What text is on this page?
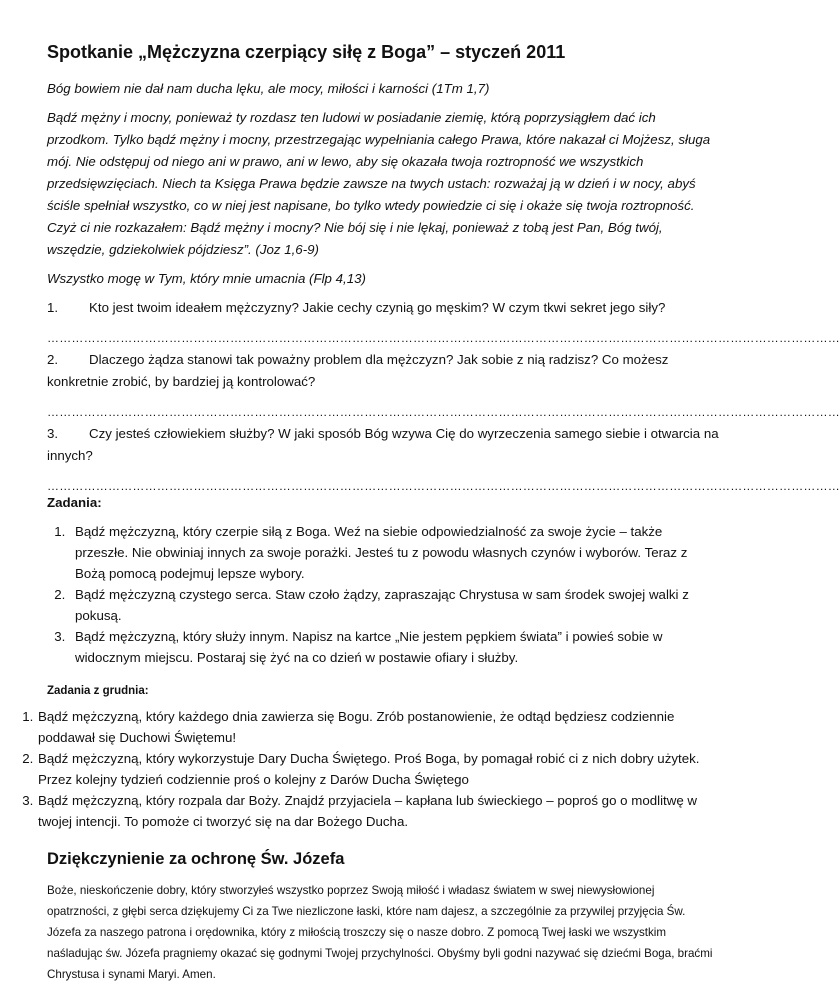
Spotkanie „Mężczyzna czerpiący siłę z Boga” – styczeń 2011

Bóg bowiem nie dał nam ducha lęku, ale mocy, miłości i karności (1Tm 1,7)

Bądź mężny i mocny, ponieważ ty rozdasz ten ludowi w posiadanie ziemię, którą poprzysiągłem dać ich przodkom. Tylko bądź mężny i mocny, przestrzegając wypełniania całego Prawa, które nakazał ci Mojżesz, sługa mój. Nie odstępuj od niego ani w prawo, ani w lewo, aby się okazała twoja roztropność we wszystkich przedsięwzięciach. Niech ta Księga Prawa będzie zawsze na twych ustach: rozważaj ją w dzień i w nocy, abyś ściśle spełniał wszystko, co w niej jest napisane, bo tylko wtedy powiedzie ci się i okaże się twoja roztropność. Czyż ci nie rozkazałem: Bądź mężny i mocny? Nie bój się i nie lękaj, ponieważ z tobą jest Pan, Bóg twój, wszędzie, gdziekolwiek pójdziesz”. (Joz 1,6-9)

Wszystko mogę w Tym, który mnie umacnia (Flp 4,13)

1. Kto jest twoim ideałem mężczyzny? Jakie cechy czynią go męskim? W czym tkwi sekret jego siły?

……………………………………………………………………………………………………………………………………………………………………………

2. Dlaczego żądza stanowi tak poważny problem dla mężczyzn? Jak sobie z nią radzisz? Co możesz konkretnie zrobić, by bardziej ją kontrolować?

……………………………………………………………………………………………………………………………………………………………………………

3. Czy jesteś człowiekiem służby? W jaki sposób Bóg wzywa Cię do wyrzeczenia samego siebie i otwarcia na innych?

……………………………………………………………………………………………………………………………………………………………………………

Zadania:

1. Bądź mężczyzną, który czerpie siłą z Boga. Weź na siebie odpowiedzialność za swoje życie – także przeszłe. Nie obwiniaj innych za swoje porażki. Jesteś tu z powodu własnych czynów i wyborów. Teraz z Bożą pomocą podejmuj lepsze wybory.
2. Bądź mężczyzną czystego serca. Staw czoło żądzy, zapraszając Chrystusa w sam środek swojej walki z pokusą.
3. Bądź mężczyzną, który służy innym. Napisz na kartce „Nie jestem pępkiem świata” i powieś sobie w widocznym miejscu. Postaraj się żyć na co dzień w postawie ofiary i służby.

Zadania z grudnia:

1. Bądź mężczyzną, który każdego dnia zawierza się Bogu. Zrób postanowienie, że odtąd będziesz codziennie poddawał się Duchowi Świętemu!
2. Bądź mężczyzną, który wykorzystuje Dary Ducha Świętego. Proś Boga, by pomagał robić ci z nich dobry użytek. Przez kolejny tydzień codziennie proś o kolejny z Darów Ducha Świętego
3. Bądź mężczyzną, który rozpala dar Boży. Znajdź przyjaciela – kapłana lub świeckiego – poproś go o modlitwę w twojej intencji. To pomoże ci tworzyć się na dar Bożego Ducha.
Dziękczynienie za ochronę Św. Józefa

Boże, nieskończenie dobry, który stworzyłeś wszystko poprzez Swoją miłość i władasz światem w swej niewysłowionej opatrzności, z głębi serca dziękujemy Ci za Twe niezliczone łaski, które nam dajesz, a szczególnie za przywilej przyjęcia Św. Józefa za naszego patrona i orędownika, który z miłością troszczy się o nasze dobro. Z pomocą Twej łaski we wszystkim naśladując św. Józefa pragniemy okazać się godnymi Twojej przychylności. Obyśmy byli godni nazywać się dziećmi Boga, braćmi Chrystusa i synami Maryi. Amen.
